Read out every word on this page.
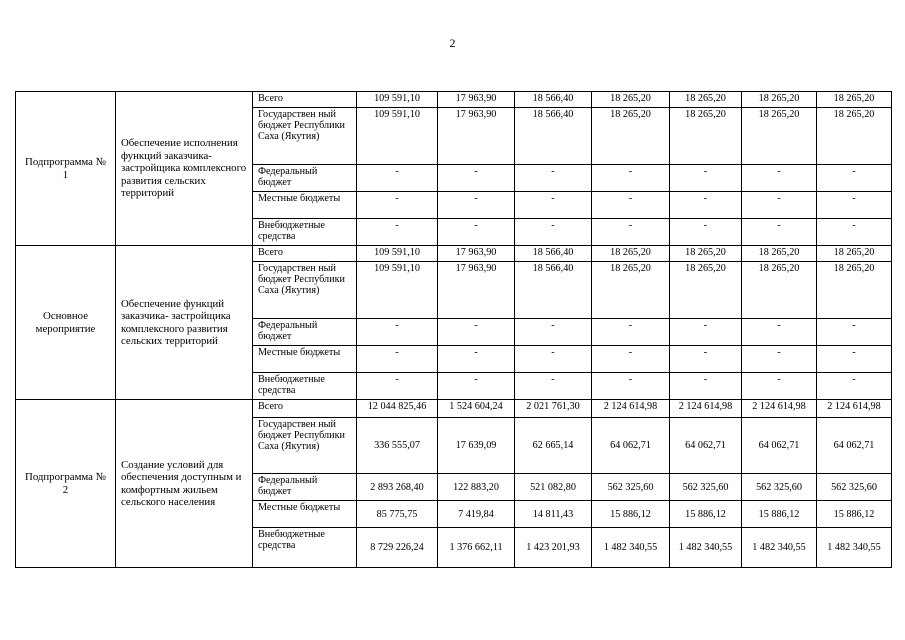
2
Подпрограмма № 1	Обеспечение исполнения функций заказчика- застройщика комплексного развития сельских территорий	Всего	109 591,10	17 963,90	18 566,40	18 265,20	18 265,20	18 265,20	18 265,20
		Государствен ный бюджет Республики Саха (Якутия)	109 591,10	17 963,90	18 566,40	18 265,20	18 265,20	18 265,20	18 265,20
		Федеральный бюджет	-	-	-	-	-	-	-
		Местные бюджеты	-	-	-	-	-	-	-
		Внебюджетные средства	-	-	-	-	-	-	-
Основное мероприятие	Обеспечение функций заказчика- застройщика комплексного развития сельских территорий	Всего	109 591,10	17 963,90	18 566,40	18 265,20	18 265,20	18 265,20	18 265,20
		Государствен ный бюджет Республики Саха (Якутия)	109 591,10	17 963,90	18 566,40	18 265,20	18 265,20	18 265,20	18 265,20
		Федеральный бюджет	-	-	-	-	-	-	-
		Местные бюджеты	-	-	-	-	-	-	-
		Внебюджетные средства	-	-	-	-	-	-	-
Подпрограмма № 2	Создание условий для обеспечения доступным и комфортным жильем сельского населения	Всего	12 044 825,46	1 524 604,24	2 021 761,30	2 124 614,98	2 124 614,98	2 124 614,98	2 124 614,98
		Государствен ный бюджет Республики Саха (Якутия)	336 555,07	17 639,09	62 665,14	64 062,71	64 062,71	64 062,71	64 062,71
		Федеральный бюджет	2 893 268,40	122 883,20	521 082,80	562 325,60	562 325,60	562 325,60	562 325,60
		Местные бюджеты	85 775,75	7 419,84	14 811,43	15 886,12	15 886,12	15 886,12	15 886,12
		Внебюджетные средства	8 729 226,24	1 376 662,11	1 423 201,93	1 482 340,55	1 482 340,55	1 482 340,55	1 482 340,55
